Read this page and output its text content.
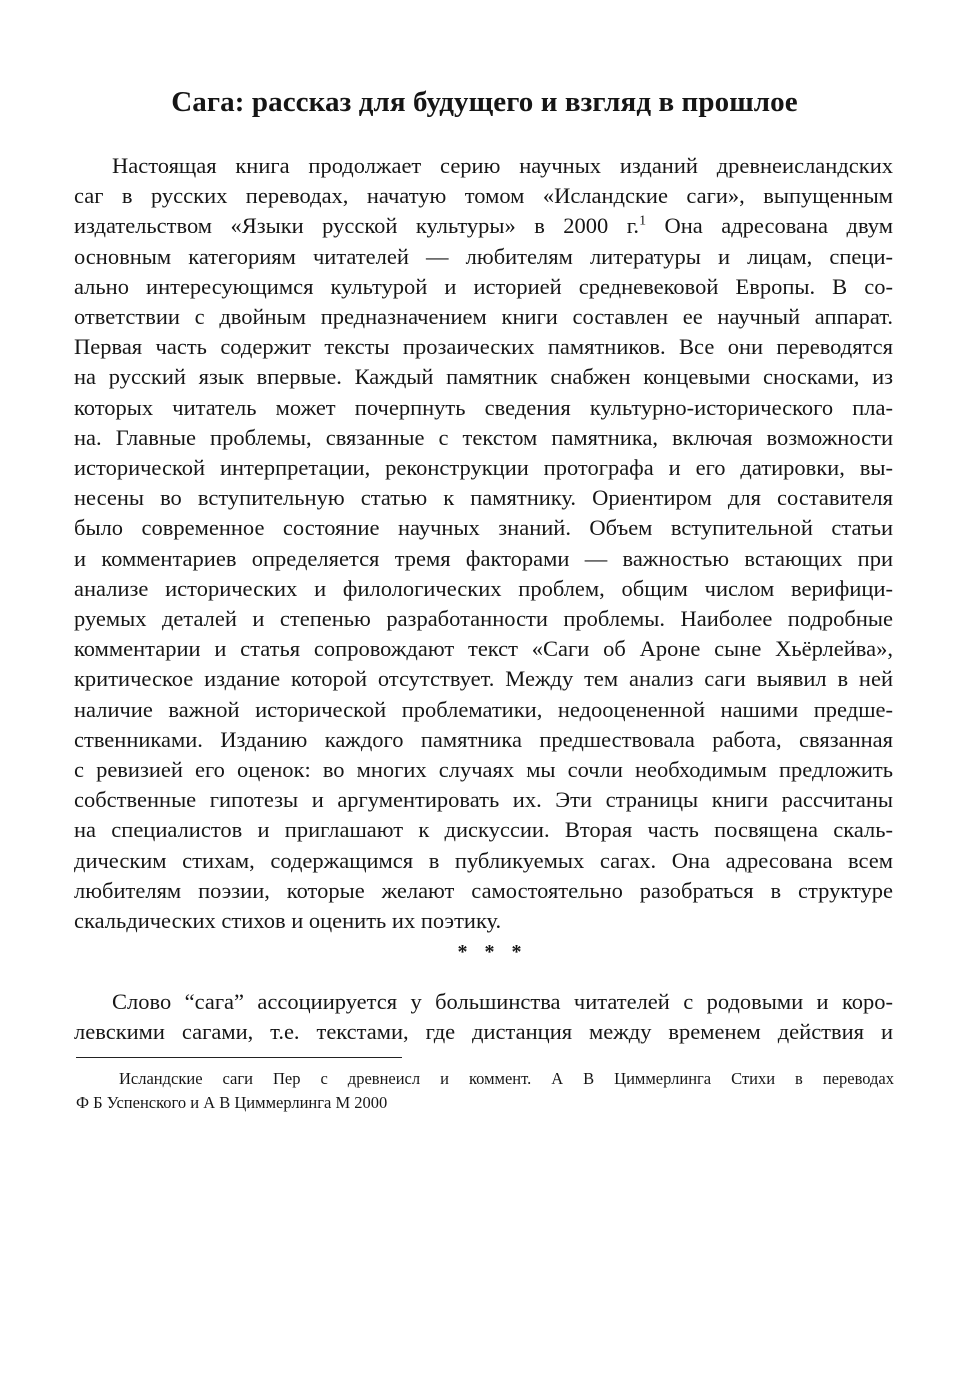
Сага: рассказ для будущего и взгляд в прошлое

Настоящая книга продолжает серию научных изданий древнеисландских
саг в русских переводах, начатую томом «Исландские саги», выпущенным
издательством «Языки русской культуры» в 2000 г.$^1$ Она адресована двум
основным категориям читателей — любителям литературы и лицам, специ-
ально интересующимся культурой и историей средневековой Европы. В со-
ответствии с двойным предназначением книги составлен ее научный аппарат.
Первая часть содержит тексты прозаических памятников. Все они переводятся
на русский язык впервые. Каждый памятник снабжен концевыми сносками, из
которых читатель может почерпнуть сведения культурно-исторического пла-
на. Главные проблемы, связанные с текстом памятника, включая возможности
исторической интерпретации, реконструкции протографа и его датировки, вы-
несены во вступительную статью к памятнику. Ориентиром для составителя
было современное состояние научных знаний. Объем вступительной статьи
и комментариев определяется тремя факторами — важностью встающих при
анализе исторических и филологических проблем, общим числом верифици-
руемых деталей и степенью разработанности проблемы. Наиболее подробные
комментарии и статья сопровождают текст «Саги об Ароне сыне Хьёрлейва»,
критическое издание которой отсутствует. Между тем анализ саги выявил в ней
наличие важной исторической проблематики, недооцененной нашими предше-
ственниками. Изданию каждого памятника предшествовала работа, связанная
с ревизией его оценок: во многих случаях мы сочли необходимым предложить
собственные гипотезы и аргументировать их. Эти страницы книги рассчитаны
на специалистов и приглашают к дискуссии. Вторая часть посвящена скаль-
дическим стихам, содержащимся в публикуемых сагах. Она адресована всем
любителям поэзии, которые желают самостоятельно разобраться в структуре
скальдических стихов и оценить их поэтику.

* * *

Слово “сага” ассоциируется у большинства читателей с родовыми и коро-
левскими сагами, т.е. текстами, где дистанция между временем действия и

Исландские саги Пер с древнеисл и коммент. А В Циммерлинга Стихи в переводах
Ф Б Успенского и А В Циммерлинга М 2000
